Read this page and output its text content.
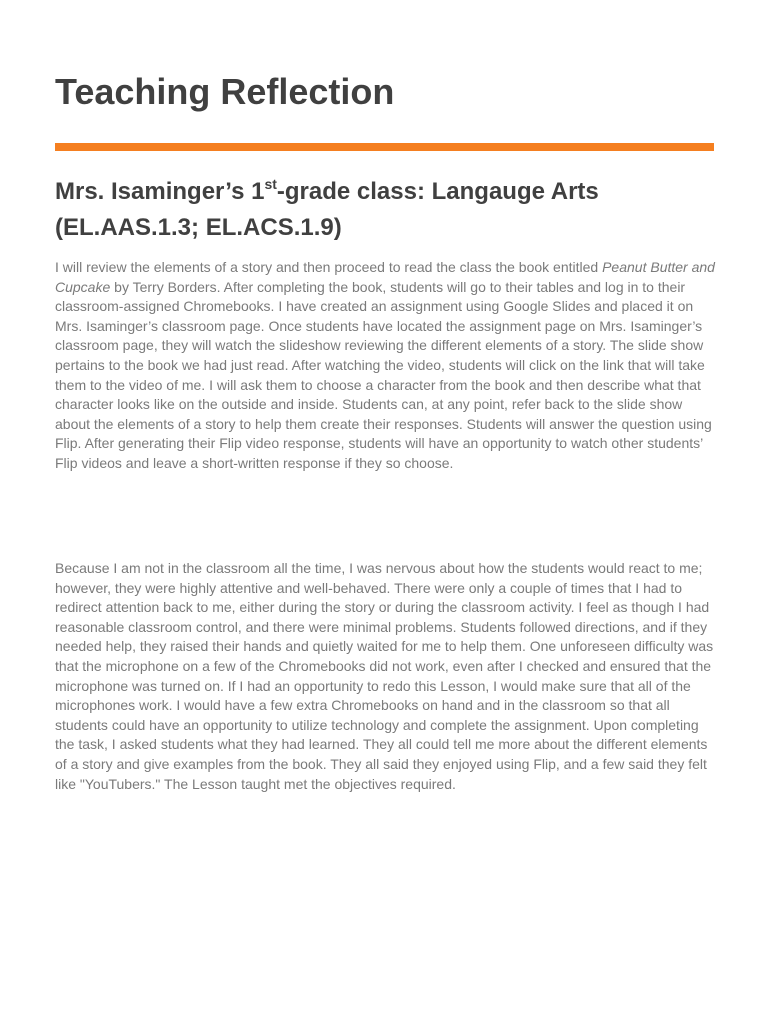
Teaching Reflection
Mrs. Isaminger’s 1st-grade class: Langauge Arts (EL.AAS.1.3; EL.ACS.1.9)

I will review the elements of a story and then proceed to read the class the book entitled Peanut Butter and Cupcake by Terry Borders. After completing the book, students will go to their tables and log in to their classroom-assigned Chromebooks. I have created an assignment using Google Slides and placed it on Mrs. Isaminger’s classroom page. Once students have located the assignment page on Mrs. Isaminger’s classroom page, they will watch the slideshow reviewing the different elements of a story. The slide show pertains to the book we had just read. After watching the video, students will click on the link that will take them to the video of me. I will ask them to choose a character from the book and then describe what that character looks like on the outside and inside. Students can, at any point, refer back to the slide show about the elements of a story to help them create their responses. Students will answer the question using Flip. After generating their Flip video response, students will have an opportunity to watch other students’ Flip videos and leave a short-written response if they so choose.

Because I am not in the classroom all the time, I was nervous about how the students would react to me; however, they were highly attentive and well-behaved. There were only a couple of times that I had to redirect attention back to me, either during the story or during the classroom activity. I feel as though I had reasonable classroom control, and there were minimal problems. Students followed directions, and if they needed help, they raised their hands and quietly waited for me to help them. One unforeseen difficulty was that the microphone on a few of the Chromebooks did not work, even after I checked and ensured that the microphone was turned on. If I had an opportunity to redo this Lesson, I would make sure that all of the microphones work. I would have a few extra Chromebooks on hand and in the classroom so that all students could have an opportunity to utilize technology and complete the assignment. Upon completing the task, I asked students what they had learned. They all could tell me more about the different elements of a story and give examples from the book. They all said they enjoyed using Flip, and a few said they felt like "YouTubers." The Lesson taught met the objectives required.
